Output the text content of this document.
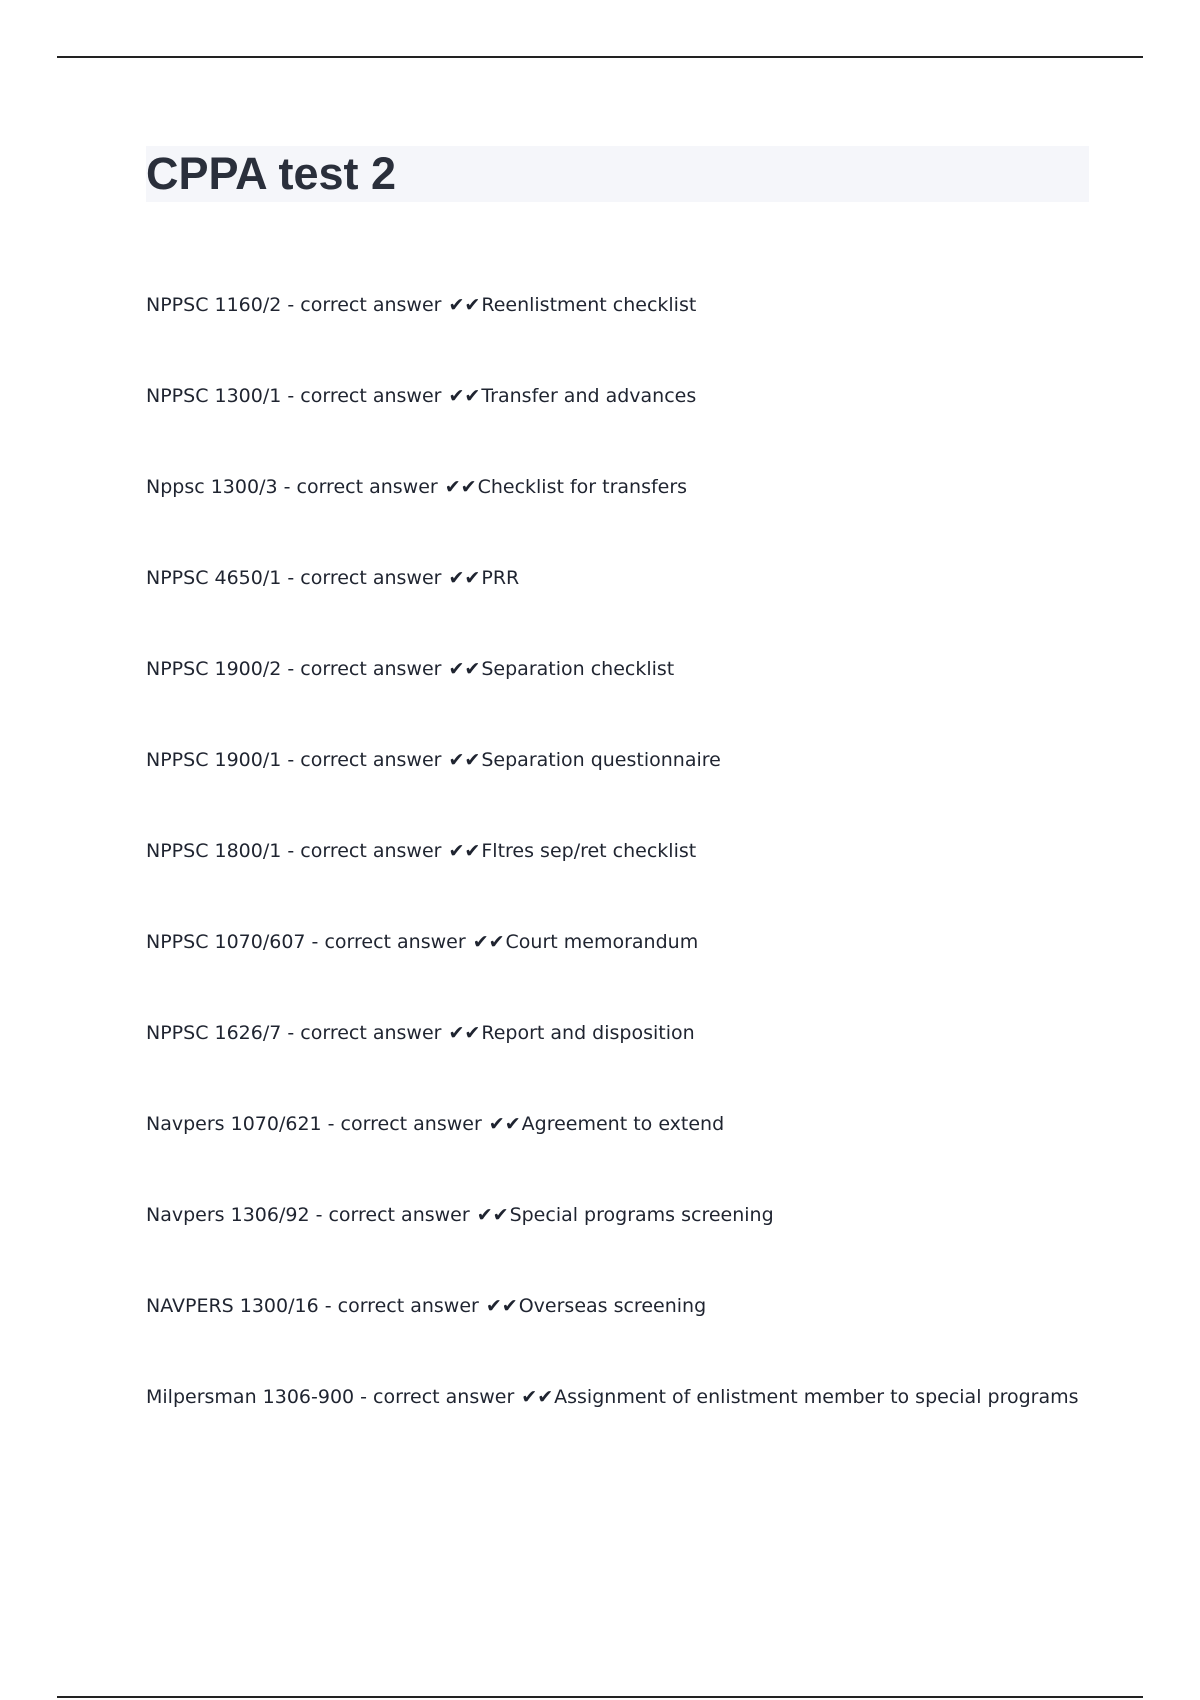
CPPA test 2
NPPSC 1160/2 - correct answer ✔✔Reenlistment checklist
NPPSC 1300/1 - correct answer ✔✔Transfer and advances
Nppsc 1300/3 - correct answer ✔✔Checklist for transfers
NPPSC 4650/1 - correct answer ✔✔PRR
NPPSC 1900/2 - correct answer ✔✔Separation checklist
NPPSC 1900/1 - correct answer ✔✔Separation questionnaire
NPPSC 1800/1 - correct answer ✔✔Fltres sep/ret checklist
NPPSC 1070/607 - correct answer ✔✔Court memorandum
NPPSC 1626/7 - correct answer ✔✔Report and disposition
Navpers 1070/621 - correct answer ✔✔Agreement to extend
Navpers 1306/92 - correct answer ✔✔Special programs screening
NAVPERS 1300/16 - correct answer ✔✔Overseas screening
Milpersman 1306-900 - correct answer ✔✔Assignment of enlistment member to special programs
